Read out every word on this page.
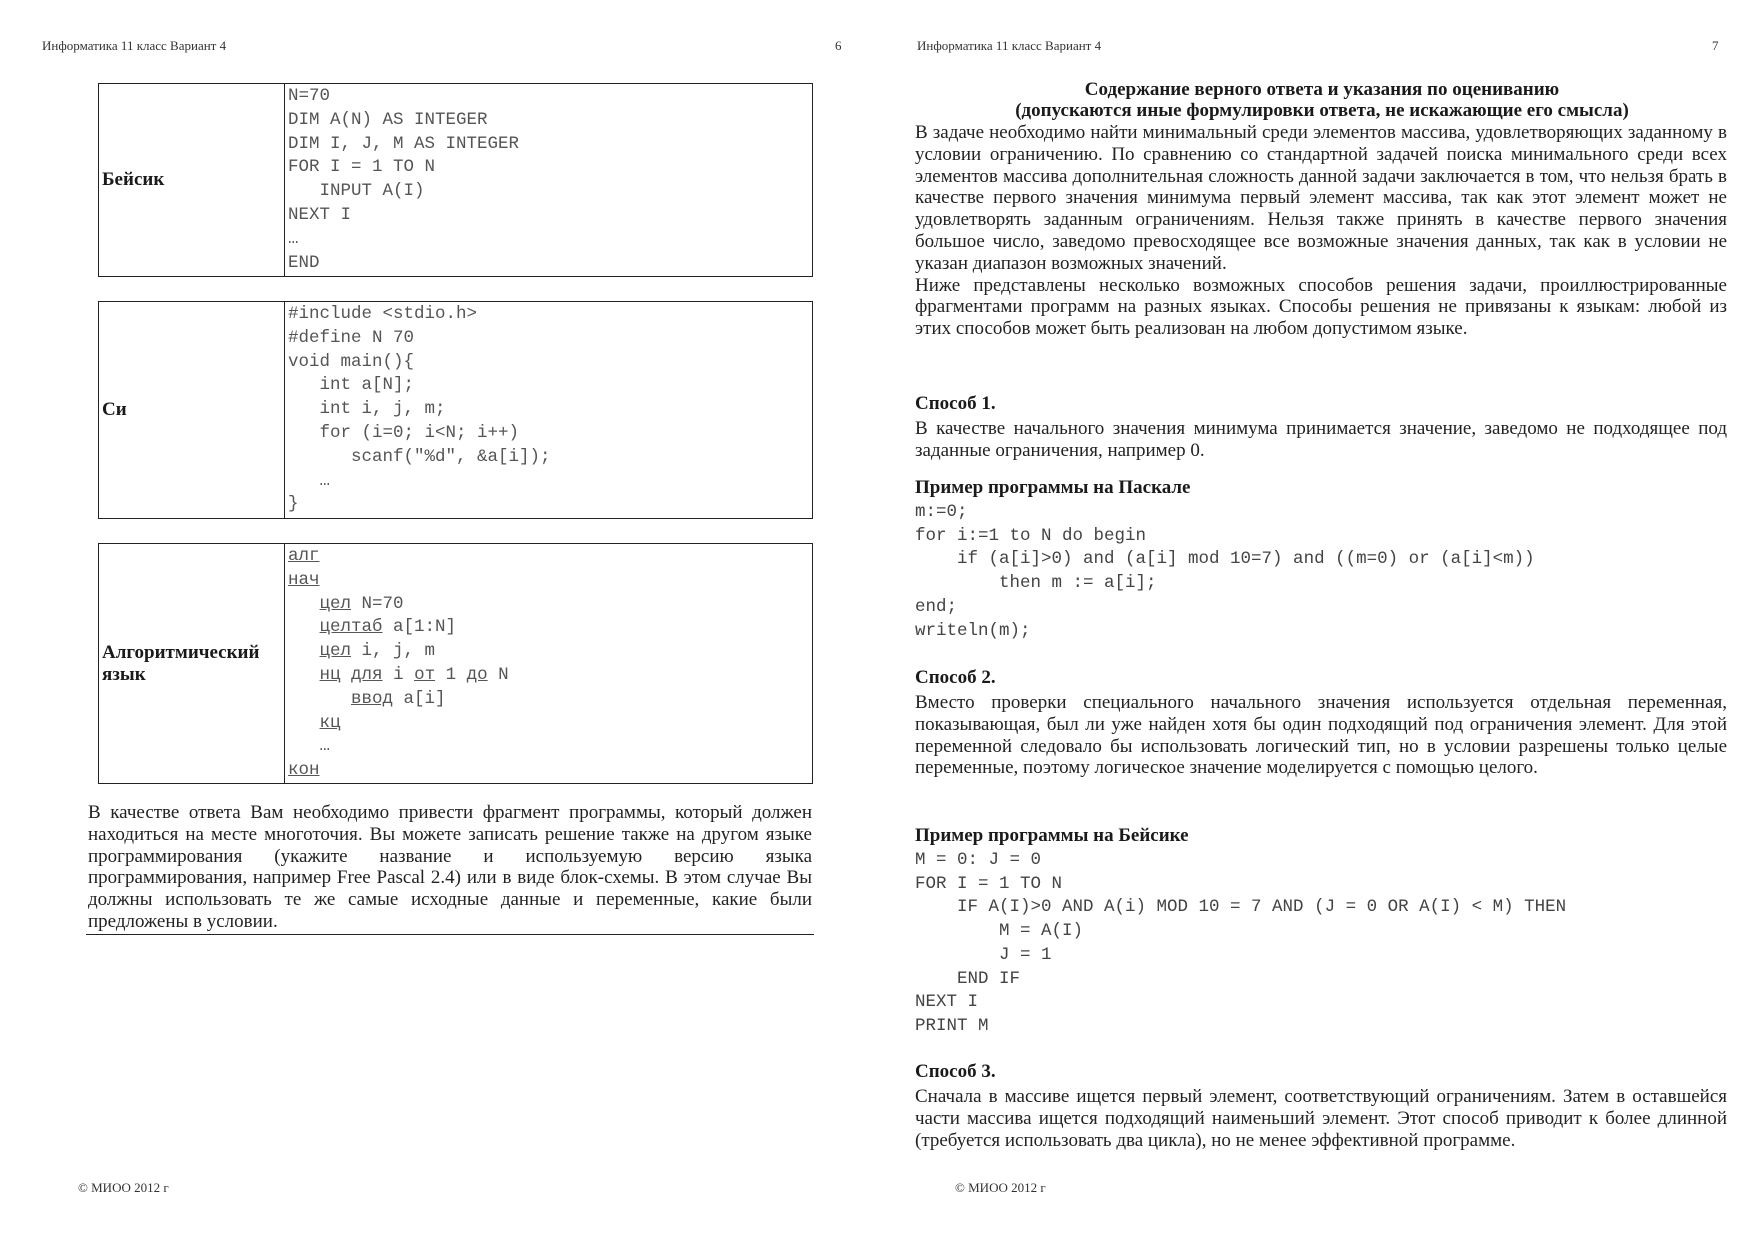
Информатика 11 класс Вариант 4	6
Бейсик
N=70
DIM A(N) AS INTEGER
DIM I, J, M AS INTEGER
FOR I = 1 TO N
INPUT A(I)
NEXT I
…
END
Си
#include <stdio.h>
#define N 70
void main(){
int a[N];
int i, j, m;
for (i=0; i<N; i++)
scanf("%d", &a[i]);
…
}
Алгоритмический язык
алг
нач
цел N=70
целтаб a[1:N]
цел i, j, m
нц для i от 1 до N
ввод a[i]
кц
…
кон

В качестве ответа Вам необходимо привести фрагмент программы, который должен находиться на месте многоточия. Вы можете записать решение также на другом языке программирования (укажите название и используемую версию языка программирования, например Free Pascal 2.4) или в виде блок-схемы. В этом случае Вы должны использовать те же самые исходные данные и переменные, какие были предложены в условии.

© МИОО 2012 г
Информатика 11 класс Вариант 4	7
Содержание верного ответа и указания по оцениванию
(допускаются иные формулировки ответа, не искажающие его смысла)

В задаче необходимо найти минимальный среди элементов массива, удовлетворяющих заданному в условии ограничению. По сравнению со стандартной задачей поиска минимального среди всех элементов массива дополнительная сложность данной задачи заключается в том, что нельзя брать в качестве первого значения минимума первый элемент массива, так как этот элемент может не удовлетворять заданным ограничениям. Нельзя также принять в качестве первого значения большое число, заведомо превосходящее все возможные значения данных, так как в условии не указан диапазон возможных значений.

Ниже представлены несколько возможных способов решения задачи, проиллюстрированные фрагментами программ на разных языках. Способы решения не привязаны к языкам: любой из этих способов может быть реализован на любом допустимом языке.

Способ 1.
В качестве начального значения минимума принимается значение, заведомо не подходящее под заданные ограничения, например 0.
Пример программы на Паскале
m:=0;
for i:=1 to N do begin
if (a[i]>0) and (a[i] mod 10=7) and ((m=0) or (a[i]<m))
then m := a[i];
end;
writeln(m);
Способ 2.
Вместо проверки специального начального значения используется отдельная переменная, показывающая, был ли уже найден хотя бы один подходящий под ограничения элемент. Для этой переменной следовало бы использовать логический тип, но в условии разрешены только целые переменные, поэтому логическое значение моделируется с помощью целого.
Пример программы на Бейсике
M = 0: J = 0
FOR I = 1 TO N
IF A(I)>0 AND A(i) MOD 10 = 7 AND (J = 0 OR A(I) < M) THEN
M = A(I)
J = 1
END IF
NEXT I
PRINT M
Способ 3.
Сначала в массиве ищется первый элемент, соответствующий ограничениям. Затем в оставшейся части массива ищется подходящий наименьший элемент. Этот способ приводит к более длинной (требуется использовать два цикла), но не менее эффективной программе.
© МИОО 2012 г
